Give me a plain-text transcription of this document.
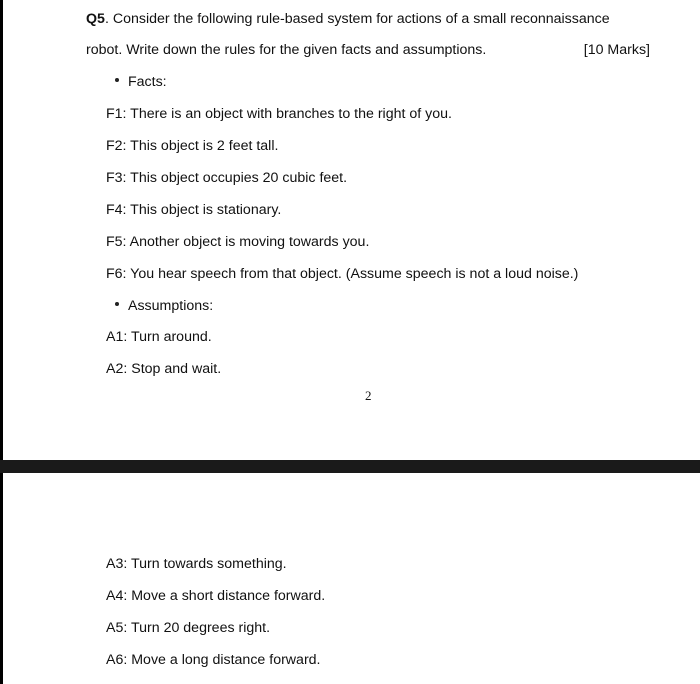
Q5. Consider the following rule-based system for actions of a small reconnaissance
robot. Write down the rules for the given facts and assumptions.	[10 Marks]
Facts:
F1: There is an object with branches to the right of you.
F2: This object is 2 feet tall.
F3: This object occupies 20 cubic feet.
F4: This object is stationary.
F5: Another object is moving towards you.
F6: You hear speech from that object. (Assume speech is not a loud noise.)
Assumptions:
A1: Turn around.
A2: Stop and wait.
2
A3: Turn towards something.
A4: Move a short distance forward.
A5: Turn 20 degrees right.
A6: Move a long distance forward.
